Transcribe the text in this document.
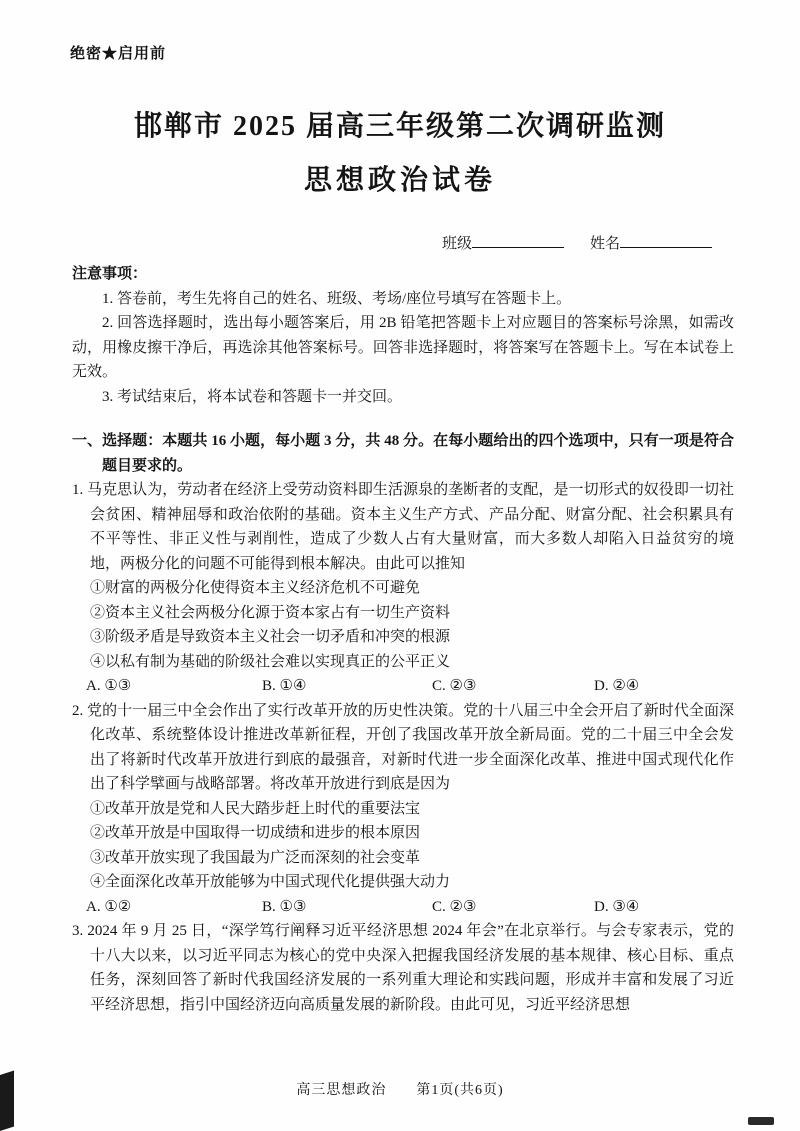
绝密★启用前
邯郸市 2025 届高三年级第二次调研监测
思想政治试卷
班级	姓名

注意事项：

1. 答卷前，考生先将自己的姓名、班级、考场/座位号填写在答题卡上。

2. 回答选择题时，选出每小题答案后，用 2B 铅笔把答题卡上对应题目的答案标号涂黑，如需改动，用橡皮擦干净后，再选涂其他答案标号。回答非选择题时，将答案写在答题卡上。写在本试卷上无效。

3. 考试结束后，将本试卷和答题卡一并交回。

一、选择题：本题共 16 小题，每小题 3 分，共 48 分。在每小题给出的四个选项中，只有一项是符合题目要求的。

1. 马克思认为，劳动者在经济上受劳动资料即生活源泉的垄断者的支配，是一切形式的奴役即一切社会贫困、精神屈辱和政治依附的基础。资本主义生产方式、产品分配、财富分配、社会积累具有不平等性、非正义性与剥削性，造成了少数人占有大量财富，而大多数人却陷入日益贫穷的境地，两极分化的问题不可能得到根本解决。由此可以推知

①财富的两极分化使得资本主义经济危机不可避免

②资本主义社会两极分化源于资本家占有一切生产资料

③阶级矛盾是导致资本主义社会一切矛盾和冲突的根源

④以私有制为基础的阶级社会难以实现真正的公平正义

A. ①③	B. ①④	C. ②③	D. ②④

2. 党的十一届三中全会作出了实行改革开放的历史性决策。党的十八届三中全会开启了新时代全面深化改革、系统整体设计推进改革新征程，开创了我国改革开放全新局面。党的二十届三中全会发出了将新时代改革开放进行到底的最强音，对新时代进一步全面深化改革、推进中国式现代化作出了科学擘画与战略部署。将改革开放进行到底是因为

①改革开放是党和人民大踏步赶上时代的重要法宝

②改革开放是中国取得一切成绩和进步的根本原因

③改革开放实现了我国最为广泛而深刻的社会变革

④全面深化改革开放能够为中国式现代化提供强大动力

A. ①②	B. ①③	C. ②③	D. ③④

3. 2024 年 9 月 25 日，“深学笃行阐释习近平经济思想 2024 年会”在北京举行。与会专家表示，党的十八大以来，以习近平同志为核心的党中央深入把握我国经济发展的基本规律、核心目标、重点任务，深刻回答了新时代我国经济发展的一系列重大理论和实践问题，形成并丰富和发展了习近平经济思想，指引中国经济迈向高质量发展的新阶段。由此可见，习近平经济思想

高三思想政治　　第1页(共6页)
